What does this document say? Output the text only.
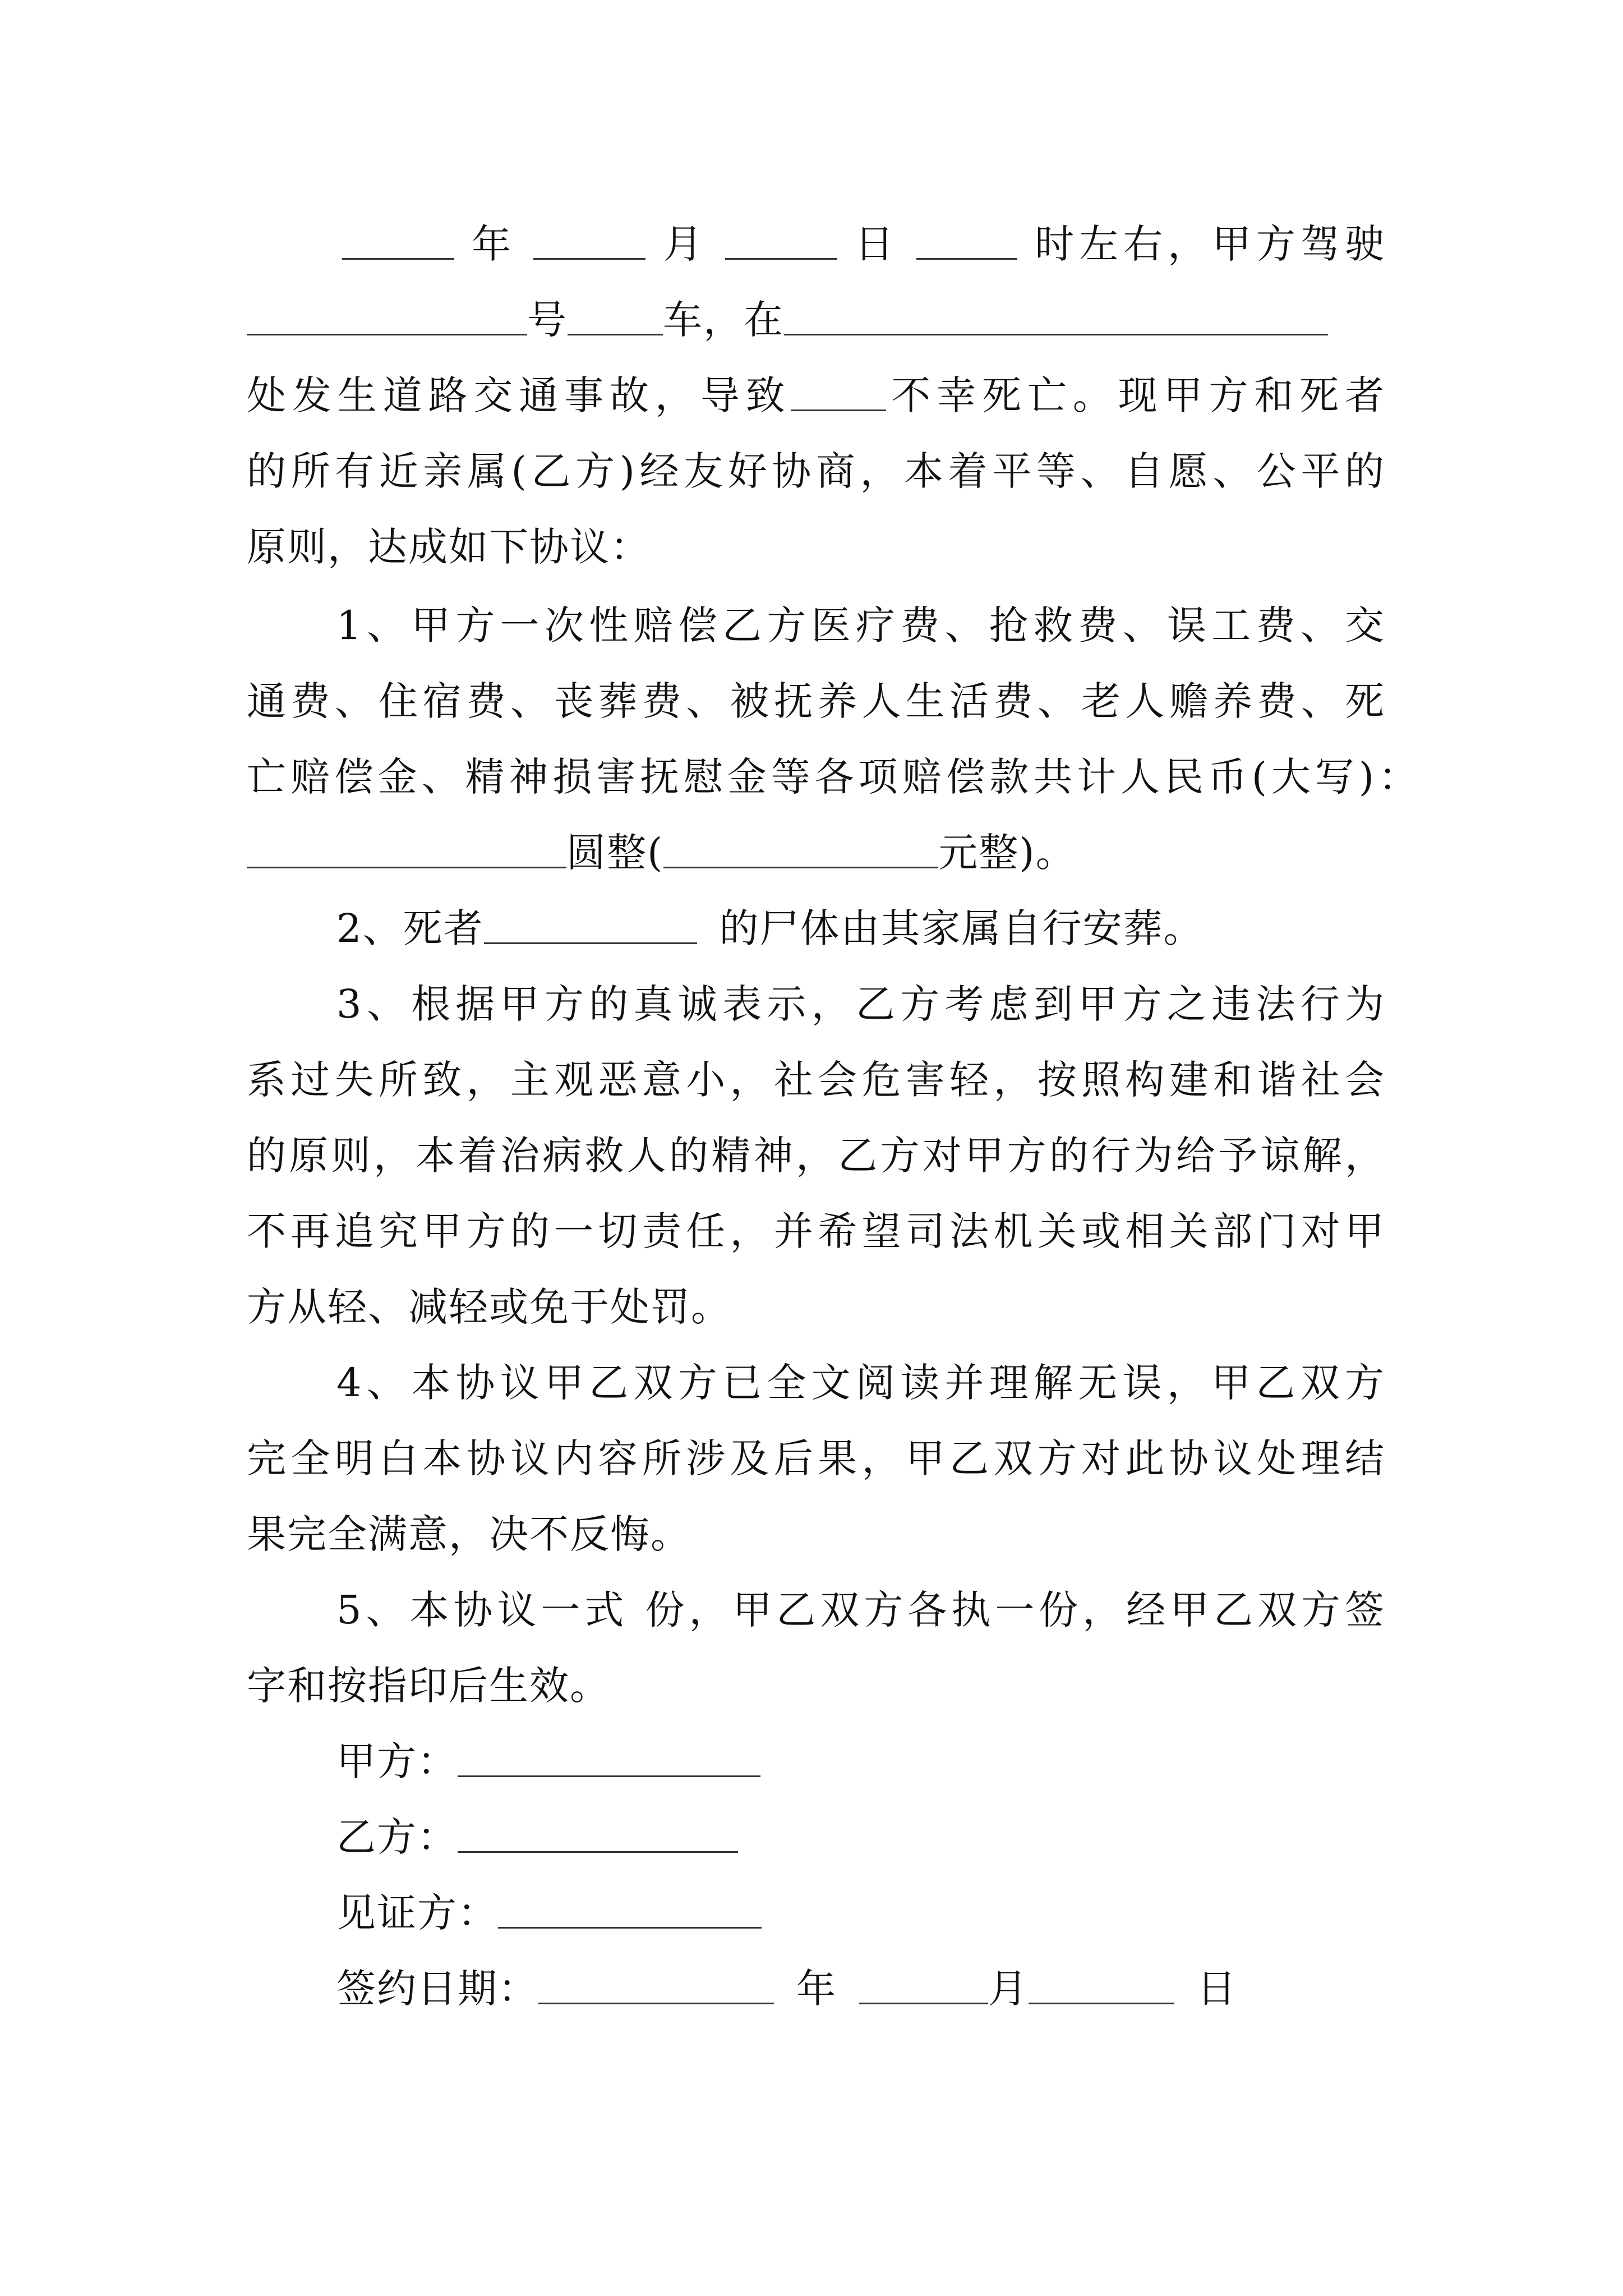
年	月	日	时左右，甲方驾驶
号 车，在
处发生道路交通事故，导致 不幸死亡。现甲方和死者
的所有近亲属(乙方)经友好协商，本着平等、自愿、公平的
原则，达成如下协议：
1、甲方一次性赔偿乙方医疗费、抢救费、误工费、交
通费、住宿费、丧葬费、被抚养人生活费、老人赡养费、死
亡赔偿金、精神损害抚慰金等各项赔偿款共计人民币(大写)：
圆整(	元整)。
2、死者	的尸体由其家属自行安葬。
3、根据甲方的真诚表示，乙方考虑到甲方之违法行为
系过失所致，主观恶意小，社会危害轻，按照构建和谐社会
的原则，本着治病救人的精神，乙方对甲方的行为给予谅解，
不再追究甲方的一切责任，并希望司法机关或相关部门对甲
方从轻、减轻或免于处罚。
4、本协议甲乙双方已全文阅读并理解无误，甲乙双方
完全明白本协议内容所涉及后果，甲乙双方对此协议处理结
果完全满意，决不反悔。
5、本协议一式 份，甲乙双方各执一份，经甲乙双方签
字和按指印后生效。
甲方：
乙方：
见证方：
签约日期：	年	月	日
